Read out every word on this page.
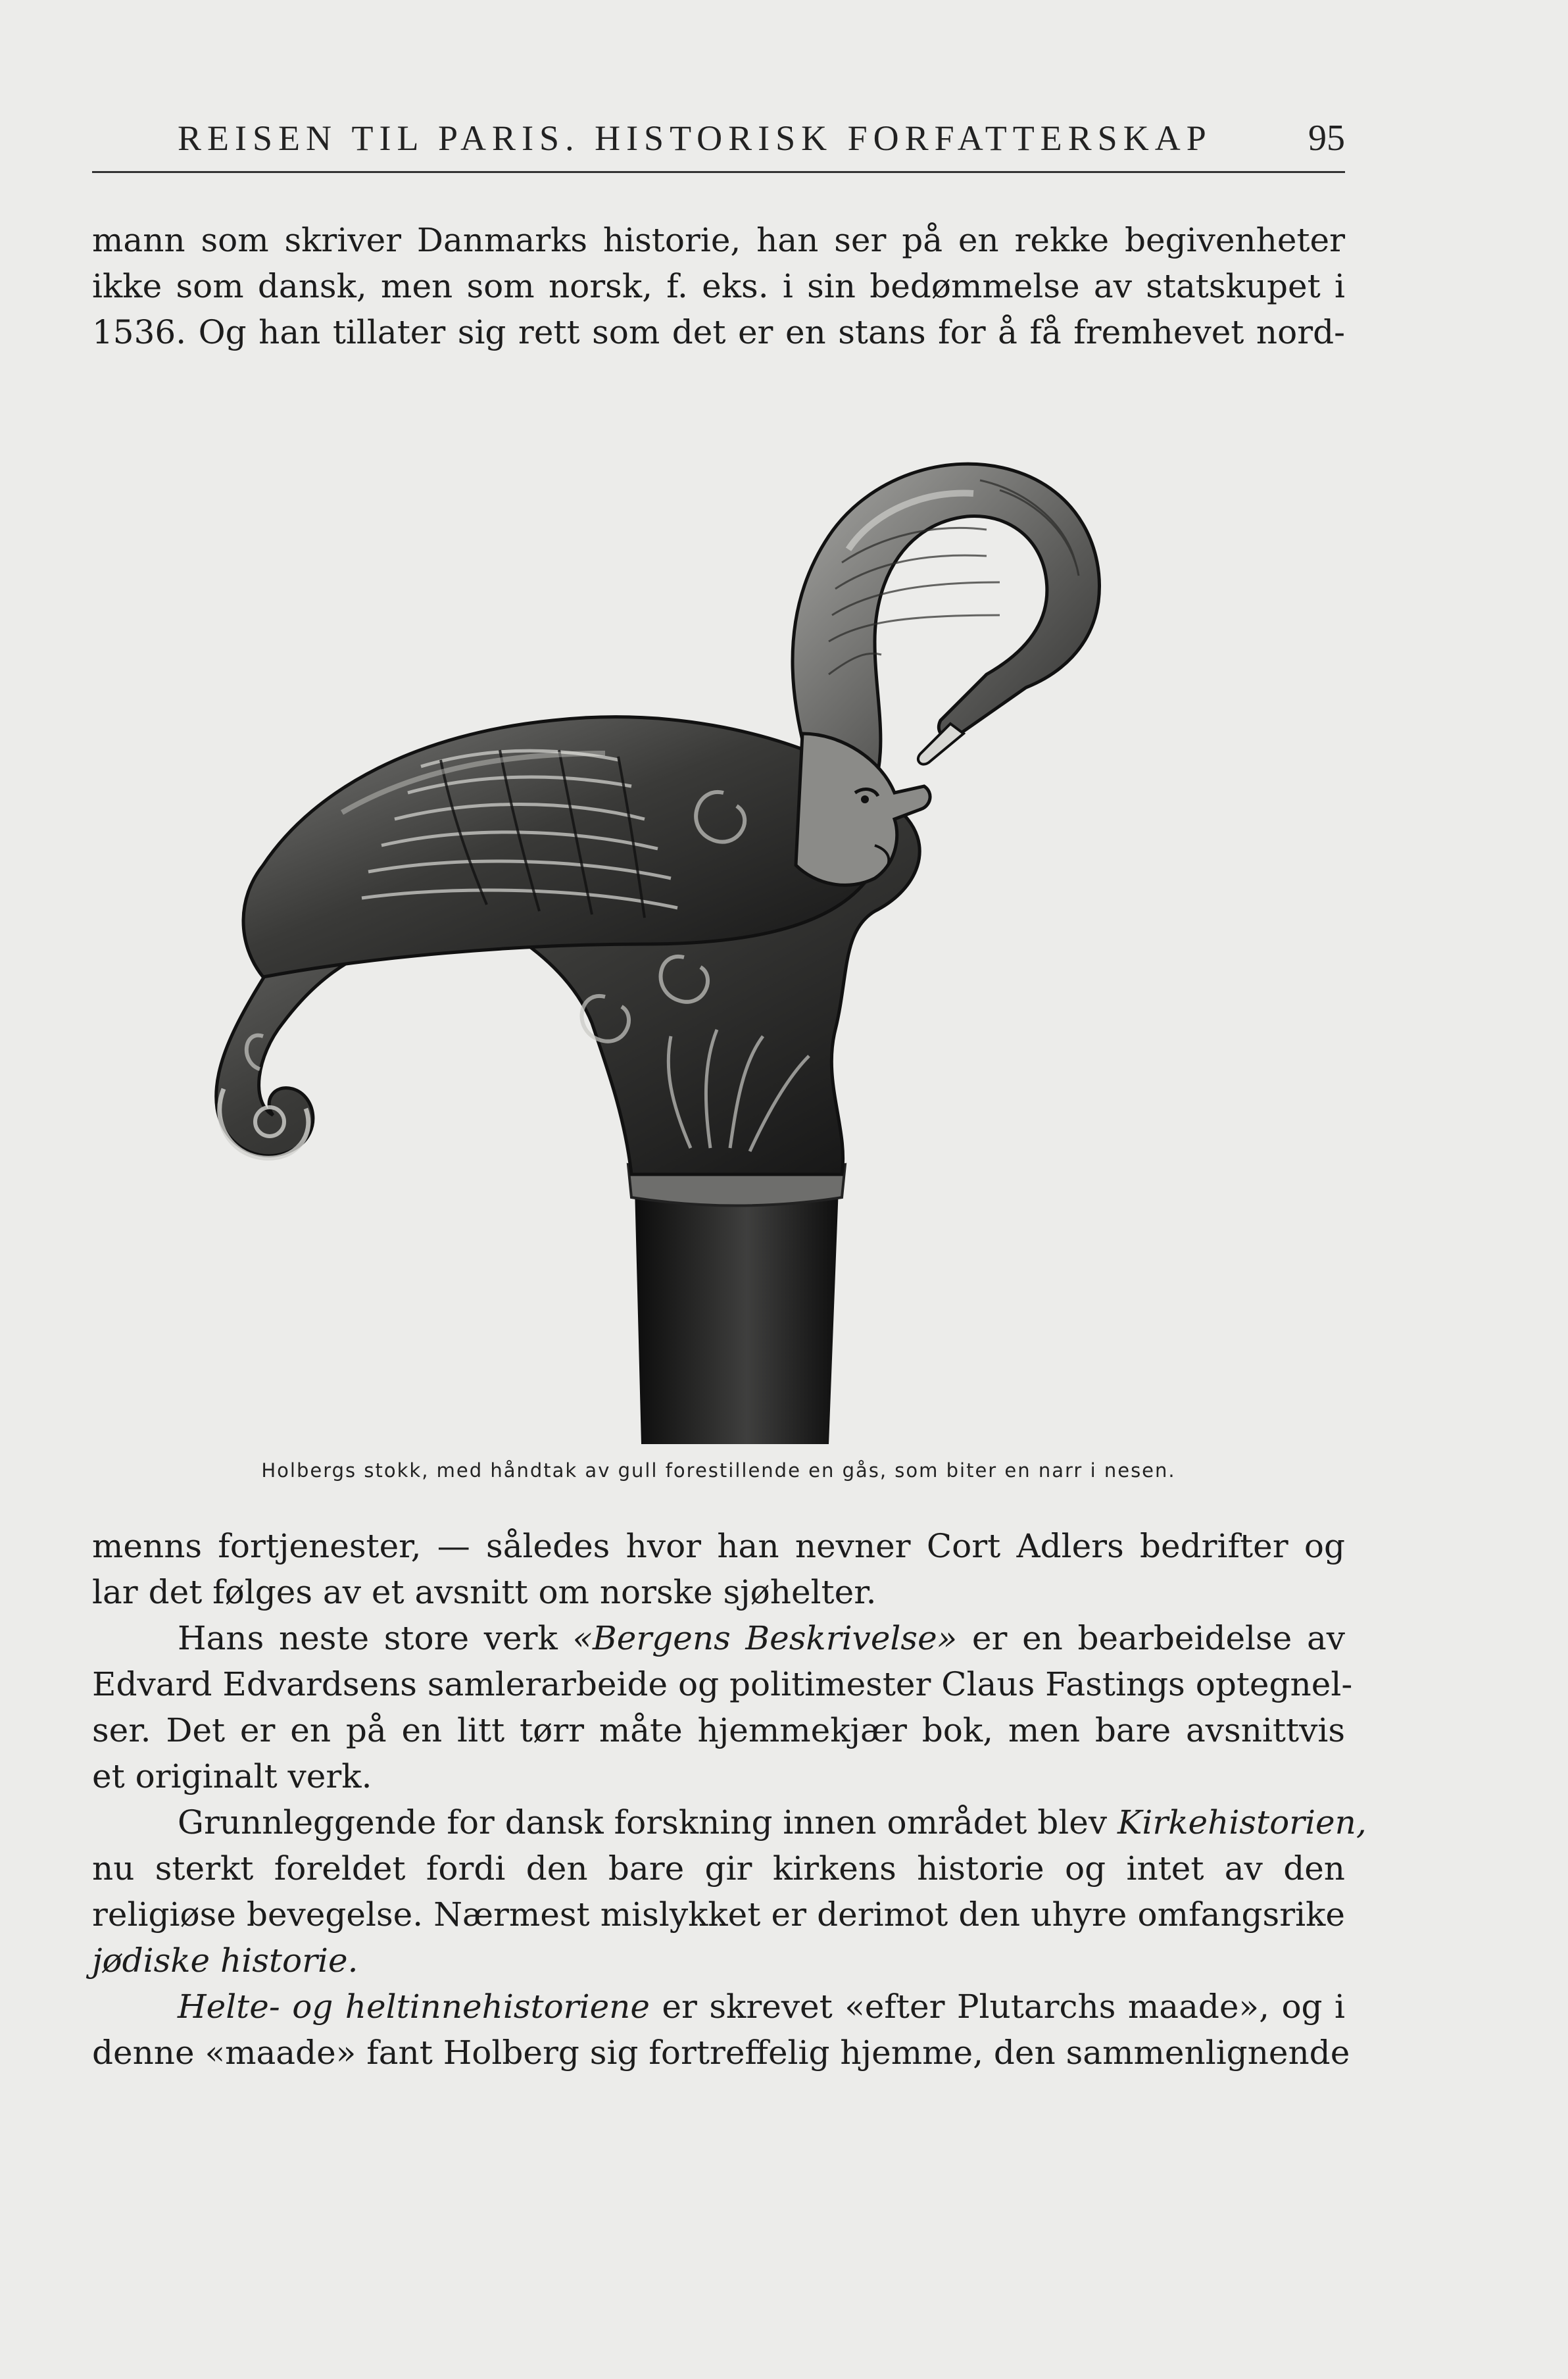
REISEN TIL PARIS. HISTORISK FORFATTERSKAP	95
mann som skriver Danmarks historie, han ser på en rekke begivenheter
ikke som dansk, men som norsk, f. eks. i sin bedømmelse av statskupet i
1536. Og han tillater sig rett som det er en stans for å få fremhevet nord-
Holbergs stokk, med håndtak av gull forestillende en gås, som biter en narr i nesen.
menns fortjenester, — således hvor han nevner Cort Adlers bedrifter og
lar det følges av et avsnitt om norske sjøhelter.
Hans neste store verk «Bergens Beskrivelse» er en bearbeidelse av
Edvard Edvardsens samlerarbeide og politimester Claus Fastings optegnel-
ser. Det er en på en litt tørr måte hjemmekjær bok, men bare avsnittvis
et originalt verk.
Grunnleggende for dansk forskning innen området blev Kirkehistorien,
nu sterkt foreldet fordi den bare gir kirkens historie og intet av den
religiøse bevegelse. Nærmest mislykket er derimot den uhyre omfangsrike
jødiske historie.
Helte- og heltinnehistoriene er skrevet «efter Plutarchs maade», og i
denne «maade» fant Holberg sig fortreffelig hjemme, den sammenlignende
